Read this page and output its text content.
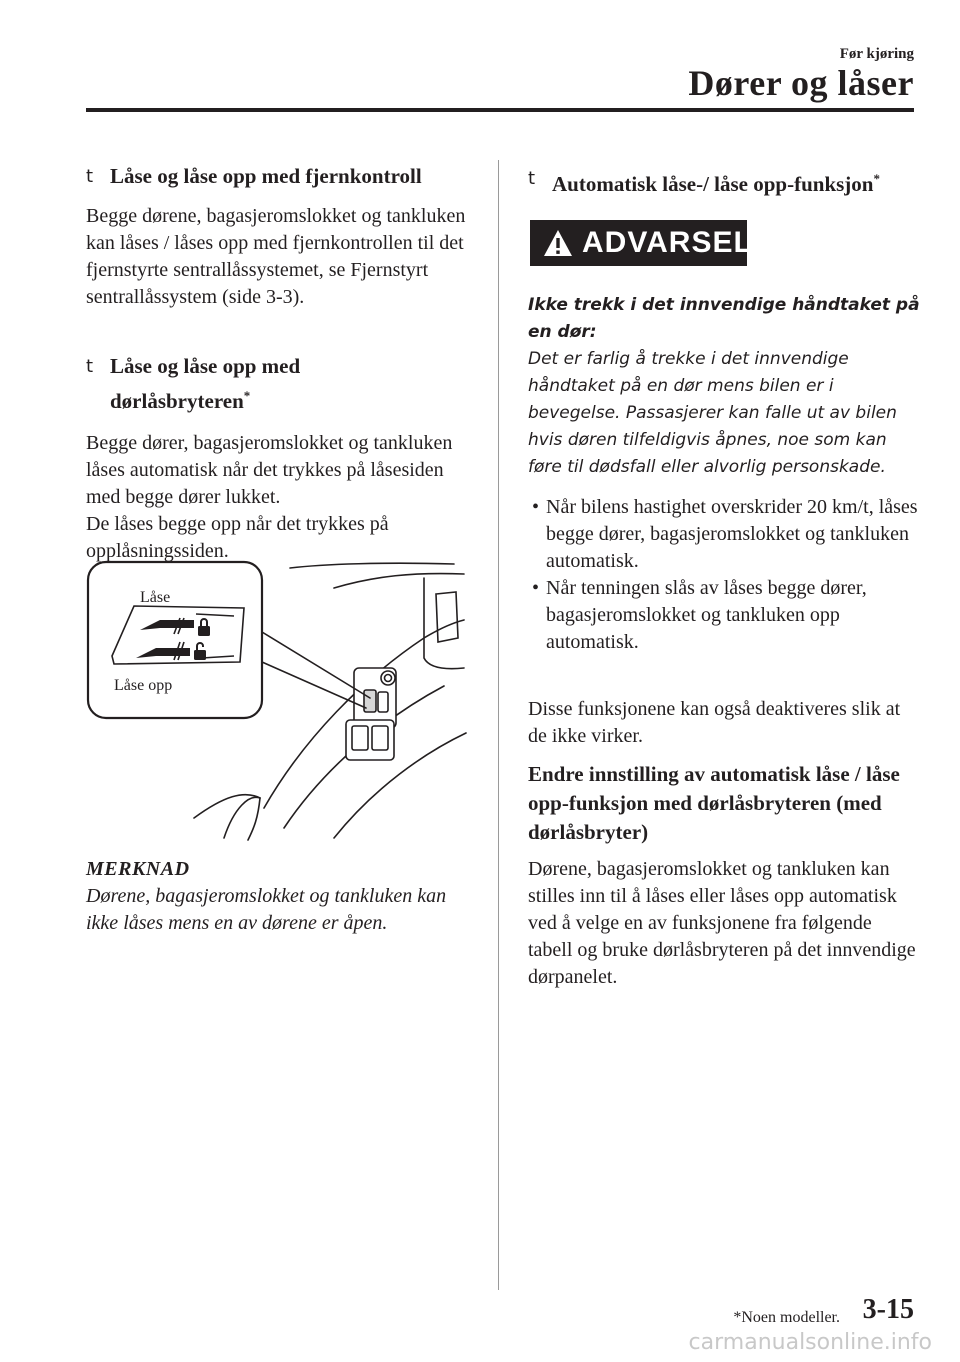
Før kjøring
Dører og låser
t Låse og låse opp med fjernkontroll

Begge dørene, bagasjeromslokket og tankluken kan låses / låses opp med fjernkontrollen til det fjernstyrte sentrallåssystemet, se Fjernstyrt sentrallåssystem (side 3-3).

t Låse og låse opp med
dørlåsbryteren*

Begge dører, bagasjeromslokket og tankluken låses automatisk når det trykkes på låsesiden med begge dører lukket.

De låses begge opp når det trykkes på opplåsningssiden.

Låse
Låse opp
MERKNAD
Dørene, bagasjeromslokket og tankluken kan ikke låses mens en av dørene er åpen.
t Automatisk låse-/ låse opp-funksjon*
ADVARSEL
Ikke trekk i det innvendige håndtaket på en dør:
Det er farlig å trekke i det innvendige håndtaket på en dør mens bilen er i bevegelse. Passasjerer kan falle ut av bilen hvis døren tilfeldigvis åpnes, noe som kan føre til dødsfall eller alvorlig personskade.
• Når bilens hastighet overskrider 20 km/t, låses begge dører, bagasjeromslokket og tankluken automatisk.
• Når tenningen slås av låses begge dører, bagasjeromslokket og tankluken opp automatisk.
Disse funksjonene kan også deaktiveres slik at de ikke virker.
Endre innstilling av automatisk låse / låse opp-funksjon med dørlåsbryteren (med dørlåsbryter)
Dørene, bagasjeromslokket og tankluken kan stilles inn til å låses eller låses opp automatisk ved å velge en av funksjonene fra følgende tabell og bruke dørlåsbryteren på det innvendige dørpanelet.
*Noen modeller. 3-15
carmanualsonline.info
